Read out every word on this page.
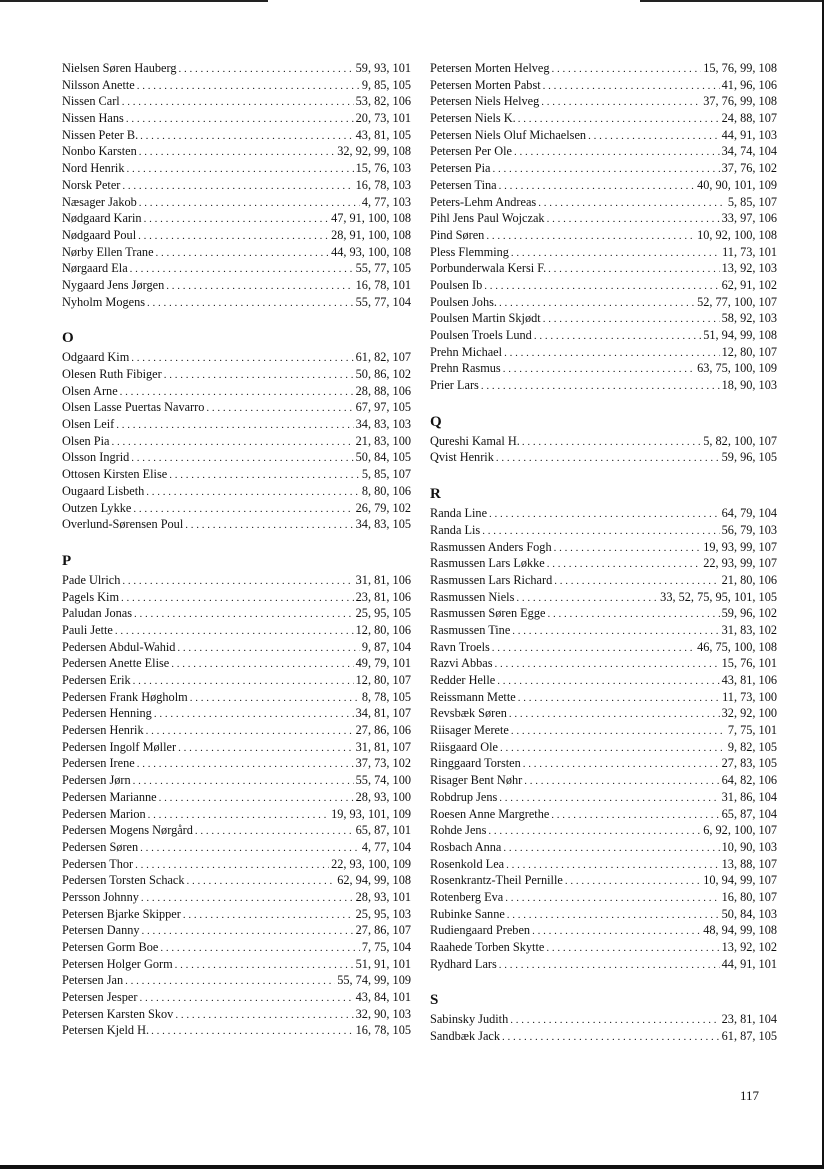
Nielsen Søren Hauberg . . .	59, 93, 101
Nilsson Anette . . .	9, 85, 105
Nissen Carl . . .	53, 82, 106
Nissen Hans . . .	20, 73, 101
Nissen Peter B. . . .	43, 81, 105
Nonbo Karsten . . .	32, 92, 99, 108
Nord Henrik . . .	15, 76, 103
Norsk Peter . . .	16, 78, 103
Næsager Jakob . . .	4, 77, 103
Nødgaard Karin . . .	47, 91, 100, 108
Nødgaard Poul . . .	28, 91, 100, 108
Nørby Ellen Trane . . .	44, 93, 100, 108
Nørgaard Ela . . .	55, 77, 105
Nygaard Jens Jørgen . . .	16, 78, 101
Nyholm Mogens . . .	55, 77, 104
O
Odgaard Kim . . .	61, 82, 107
Olesen Ruth Fibiger . . .	50, 86, 102
Olsen Arne . . .	28, 88, 106
Olsen Lasse Puertas Navarro . . .	67, 97, 105
Olsen Leif . . .	34, 83, 103
Olsen Pia . . .	21, 83, 100
Olsson Ingrid . . .	50, 84, 105
Ottosen Kirsten Elise . . .	5, 85, 107
Ougaard Lisbeth . . .	8, 80, 106
Outzen Lykke . . .	26, 79, 102
Overlund-Sørensen Poul . . .	34, 83, 105
P
Pade Ulrich . . .	31, 81, 106
Pagels Kim . . .	23, 81, 106
Paludan Jonas . . .	25, 95, 105
Pauli Jette . . .	12, 80, 106
Pedersen Abdul-Wahid . . .	9, 87, 104
Pedersen Anette Elise . . .	49, 79, 101
Pedersen Erik . . .	12, 80, 107
Pedersen Frank Høgholm . . .	8, 78, 105
Pedersen Henning . . .	34, 81, 107
Pedersen Henrik . . .	27, 86, 106
Pedersen Ingolf Møller . . .	31, 81, 107
Pedersen Irene . . .	37, 73, 102
Pedersen Jørn . . .	55, 74, 100
Pedersen Marianne . . .	28, 93, 100
Pedersen Marion . . .	19, 93, 101, 109
Pedersen Mogens Nørgård . . .	65, 87, 101
Pedersen Søren . . .	4, 77, 104
Pedersen Thor . . .	22, 93, 100, 109
Pedersen Torsten Schack . . .	62, 94, 99, 108
Persson Johnny . . .	28, 93, 101
Petersen Bjarke Skipper . . .	25, 95, 103
Petersen Danny . . .	27, 86, 107
Petersen Gorm Boe . . .	7, 75, 104
Petersen Holger Gorm . . .	51, 91, 101
Petersen Jan . . .	55, 74, 99, 109
Petersen Jesper . . .	43, 84, 101
Petersen Karsten Skov . . .	32, 90, 103
Petersen Kjeld H. . . .	16, 78, 105
Petersen Morten Helveg . . .	15, 76, 99, 108
Petersen Morten Pabst . . .	41, 96, 106
Petersen Niels Helveg . . .	37, 76, 99, 108
Petersen Niels K. . . .	24, 88, 107
Petersen Niels Oluf Michaelsen . . .	44, 91, 103
Petersen Per Ole . . .	34, 74, 104
Petersen Pia . . .	37, 76, 102
Petersen Tina . . .	40, 90, 101, 109
Peters-Lehm Andreas . . .	5, 85, 107
Pihl Jens Paul Wojczak . . .	33, 97, 106
Pind Søren . . .	10, 92, 100, 108
Pless Flemming . . .	11, 73, 101
Porbunderwala Kersi F. . . .	13, 92, 103
Poulsen Ib . . .	62, 91, 102
Poulsen Johs. . . .	52, 77, 100, 107
Poulsen Martin Skjødt . . .	58, 92, 103
Poulsen Troels Lund . . .	51, 94, 99, 108
Prehn Michael . . .	12, 80, 107
Prehn Rasmus . . .	63, 75, 100, 109
Prier Lars . . .	18, 90, 103
Q
Qureshi Kamal H. . . .	5, 82, 100, 107
Qvist Henrik . . .	59, 96, 105
R
Randa Line . . .	64, 79, 104
Randa Lis . . .	56, 79, 103
Rasmussen Anders Fogh . . .	19, 93, 99, 107
Rasmussen Lars Løkke . . .	22, 93, 99, 107
Rasmussen Lars Richard . . .	21, 80, 106
Rasmussen Niels . . .	33, 52, 75, 95, 101, 105
Rasmussen Søren Egge . . .	59, 96, 102
Rasmussen Tine . . .	31, 83, 102
Ravn Troels . . .	46, 75, 100, 108
Razvi Abbas . . .	15, 76, 101
Redder Helle . . .	43, 81, 106
Reissmann Mette . . .	11, 73, 100
Revsbæk Søren . . .	32, 92, 100
Riisager Merete . . .	7, 75, 101
Riisgaard Ole . . .	9, 82, 105
Ringgaard Torsten . . .	27, 83, 105
Risager Bent Nøhr . . .	64, 82, 106
Robdrup Jens . . .	31, 86, 104
Roesen Anne Margrethe . . .	65, 87, 104
Rohde Jens . . .	6, 92, 100, 107
Rosbach Anna . . .	10, 90, 103
Rosenkold Lea . . .	13, 88, 107
Rosenkrantz-Theil Pernille . . .	10, 94, 99, 107
Rotenberg Eva . . .	16, 80, 107
Rubinke Sanne . . .	50, 84, 103
Rudiengaard Preben . . .	48, 94, 99, 108
Raahede Torben Skytte . . .	13, 92, 102
Rydhard Lars . . .	44, 91, 101
S
Sabinsky Judith . . .	23, 81, 104
Sandbæk Jack . . .	61, 87, 105
117
